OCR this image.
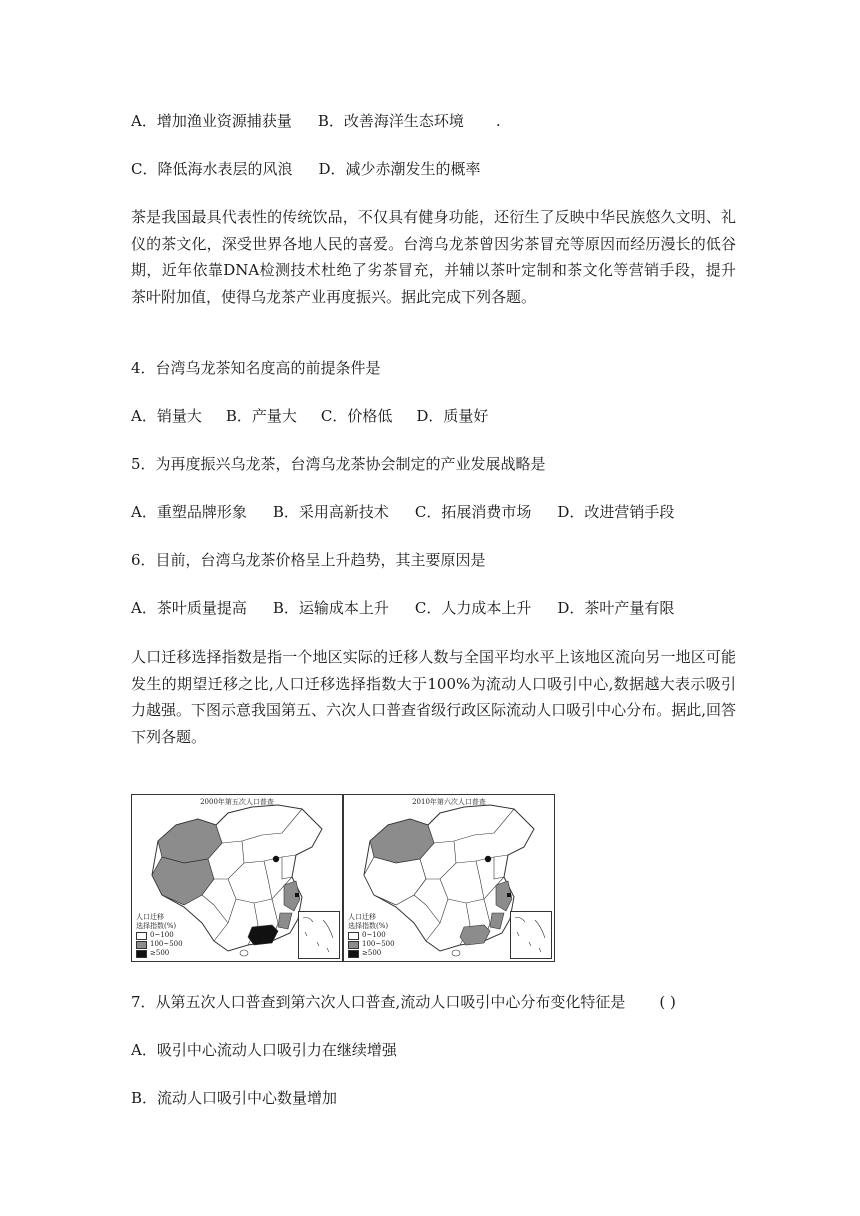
A．增加渔业资源捕获量 B．改善海洋生态环境 .
C．降低海水表层的风浪 D．减少赤潮发生的概率
茶是我国最具代表性的传统饮品，不仅具有健身功能，还衍生了反映中华民族悠久文明、礼仪的茶文化，深受世界各地人民的喜爱。台湾乌龙茶曾因劣茶冒充等原因而经历漫长的低谷期，近年依靠DNA检测技术杜绝了劣茶冒充，并辅以茶叶定制和茶文化等营销手段，提升茶叶附加值，使得乌龙茶产业再度振兴。据此完成下列各题。
4．台湾乌龙茶知名度高的前提条件是
A．销量大 B．产量大 C．价格低 D．质量好
5．为再度振兴乌龙茶，台湾乌龙茶协会制定的产业发展战略是
A．重塑品牌形象 B．采用高新技术 C．拓展消费市场 D．改进营销手段
6．目前，台湾乌龙茶价格呈上升趋势，其主要原因是
A．茶叶质量提高 B．运输成本上升 C．人力成本上升 D．茶叶产量有限
人口迁移选择指数是指一个地区实际的迁移人数与全国平均水平上该地区流向另一地区可能发生的期望迁移之比,人口迁移选择指数大于100%为流动人口吸引中心,数据越大表示吸引力越强。下图示意我国第五、六次人口普查省级行政区际流动人口吸引中心分布。据此,回答下列各题。
2000年第五次人口普查
人口迁移
选择指数(%)
0~100
100~500
≥500
2010年第六次人口普查
人口迁移
选择指数(%)
0~100
100~500
≥500
7．从第五次人口普查到第六次人口普查,流动人口吸引中心分布变化特征是 ( )
A．吸引中心流动人口吸引力在继续增强
B．流动人口吸引中心数量增加
